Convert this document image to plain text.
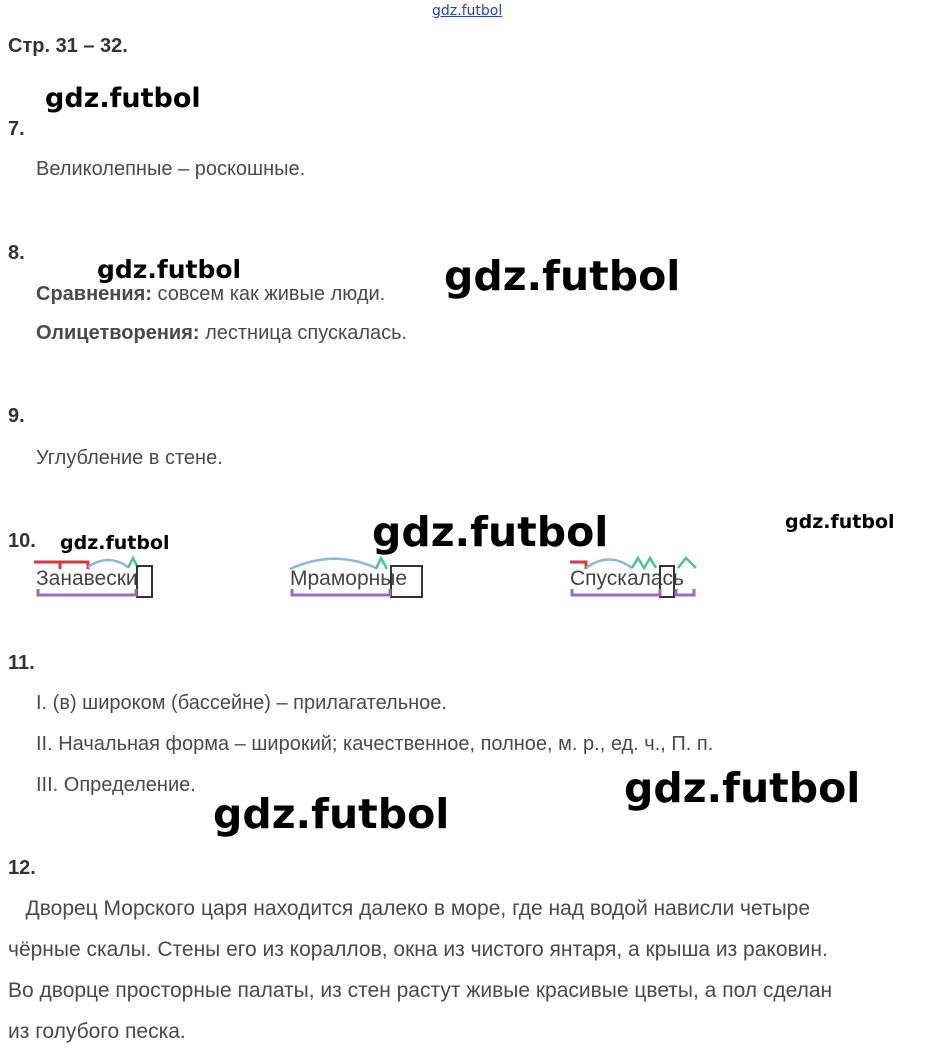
gdz.futbol
Стр. 31 – 32.
gdz.futbol
gdz.futbol	gdz.futbol
gdz.futbol	gdz.futbol
gdz.futbol
gdz.futbol
gdz.futbol
7.
Великолепные – роскошные.
8.
Сравнения: совсем как живые люди.
Олицетворения: лестница спускалась.
9.
Углубление в стене.
10.
Занавески	Мраморные	Спускалась
11.
I. (в) широком (бассейне) – прилагательное.
II. Начальная форма – широкий; качественное, полное, м. р., ед. ч., П. п.
III. Определение.
12.
Дворец Морского царя находится далеко в море, где над водой нависли четыре
чёрные скалы. Стены его из кораллов, окна из чистого янтаря, а крыша из раковин.
Во дворце просторные палаты, из стен растут живые красивые цветы, а пол сделан
из голубого песка.
